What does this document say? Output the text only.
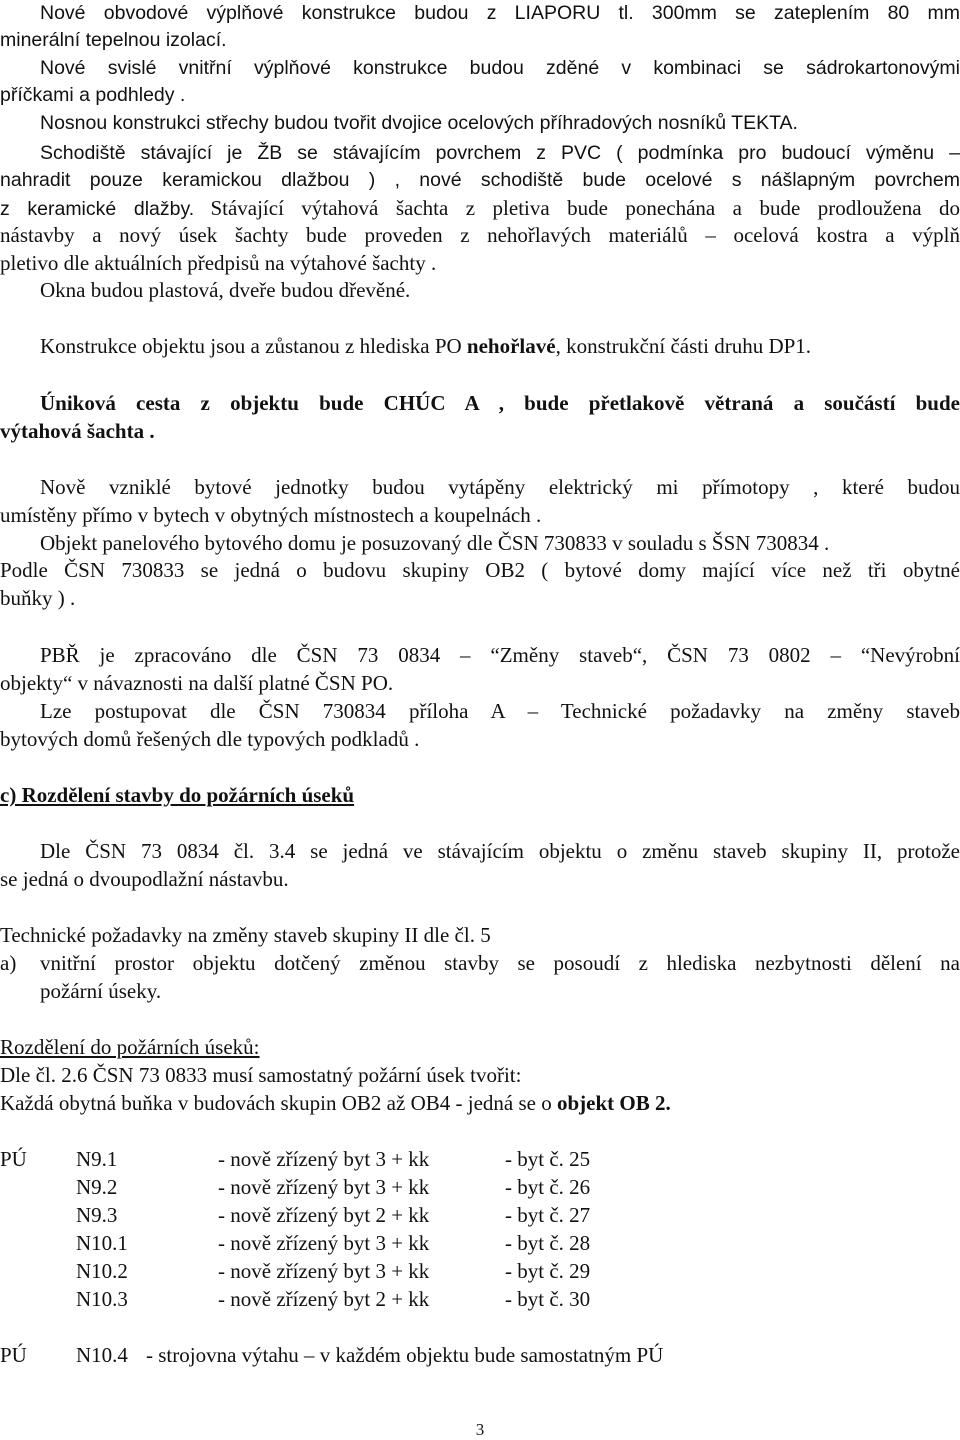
Nové obvodové výplňové konstrukce budou z LIAPORU tl. 300mm se zateplením 80 mm
minerální tepelnou izolací.
Nové svislé vnitřní výplňové konstrukce budou zděné v kombinaci se sádrokartonovými
příčkami a podhledy .
Nosnou konstrukci střechy budou tvořit dvojice ocelových příhradových nosníků TEKTA.
Schodiště stávající je ŽB se stávajícím povrchem z PVC ( podmínka pro budoucí výměnu –
nahradit pouze keramickou dlažbou ) , nové schodiště bude ocelové s nášlapným povrchem
z keramické dlažby. Stávající výtahová šachta z pletiva bude ponechána a bude prodloužena do
nástavby a nový úsek šachty bude proveden z nehořlavých materiálů – ocelová kostra a výplň
pletivo dle aktuálních předpisů na výtahové šachty .
Okna budou plastová, dveře budou dřevěné.
Konstrukce objektu jsou a zůstanou z hlediska PO nehořlavé, konstrukční části druhu DP1.
Úniková cesta z objektu bude CHÚC A , bude přetlakově větraná a součástí bude
výtahová šachta .
Nově vzniklé bytové jednotky budou vytápěny elektrický mi přímotopy , které budou
umístěny přímo v bytech v obytných místnostech a koupelnách .
Objekt panelového bytového domu je posuzovaný dle ČSN 730833 v souladu s ŠSN 730834 .
Podle ČSN 730833 se jedná o budovu skupiny OB2 ( bytové domy mající více než tři obytné
buňky ) .
PBŘ je zpracováno dle ČSN 73 0834 – “Změny staveb“, ČSN 73 0802 – “Nevýrobní
objekty“ v návaznosti na další platné ČSN PO.
Lze postupovat dle ČSN 730834 příloha A – Technické požadavky na změny staveb
bytových domů řešených dle typových podkladů .
c) Rozdělení stavby do požárních úseků
Dle ČSN 73 0834 čl. 3.4 se jedná ve stávajícím objektu o změnu staveb skupiny II, protože
se jedná o dvoupodlažní nástavbu.
Technické požadavky na změny staveb skupiny II dle čl. 5
a) vnitřní prostor objektu dotčený změnou stavby se posoudí z hlediska nezbytnosti dělení na
požární úseky.
Rozdělení do požárních úseků:
Dle čl. 2.6 ČSN 73 0833 musí samostatný požární úsek tvořit:
Každá obytná buňka v budovách skupin OB2 až OB4 - jedná se o objekt OB 2.
PÚ N9.1	- nově zřízený byt 3 + kk	- byt č. 25
N9.2	- nově zřízený byt 3 + kk	- byt č. 26
N9.3	- nově zřízený byt 2 + kk	- byt č. 27
N10.1	- nově zřízený byt 3 + kk	- byt č. 28
N10.2	- nově zřízený byt 3 + kk	- byt č. 29
N10.3	- nově zřízený byt 2 + kk	- byt č. 30
PÚ N10.4 - strojovna výtahu – v každém objektu bude samostatným PÚ
3
